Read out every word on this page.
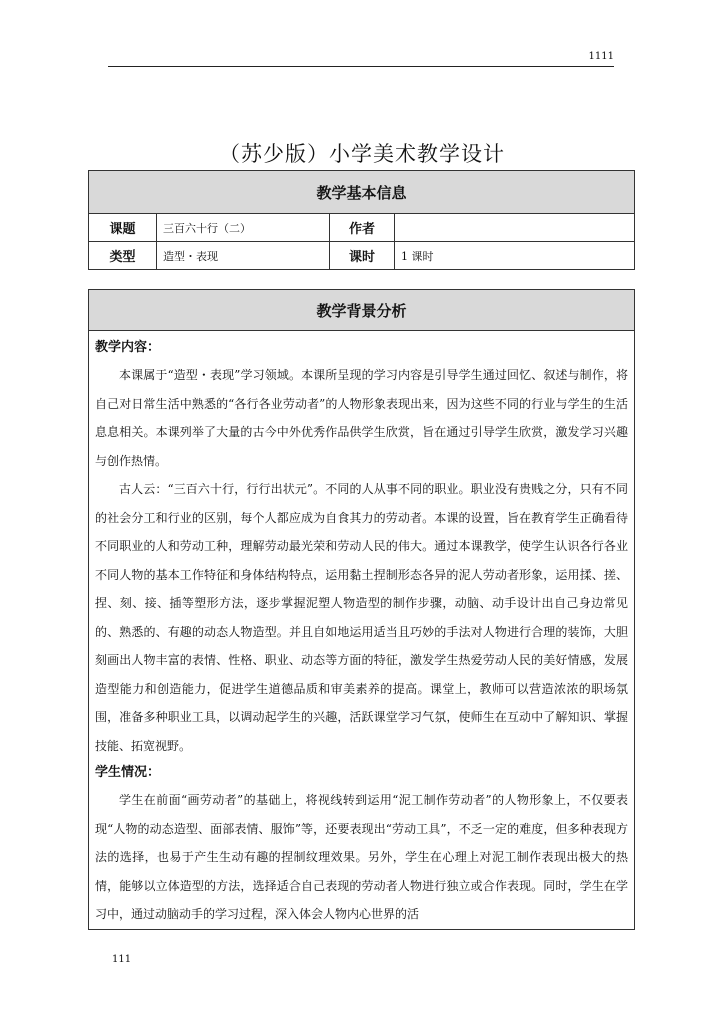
1111
（苏少版）小学美术教学设计
教学基本信息			
课题	三百六十行（二）	作者	
类型	造型・表现	课时	1 课时
教学背景分析

教学内容：

本课属于“造型・表现”学习领域。本课所呈现的学习内容是引导学生通过回忆、叙述与制作，将自己对日常生活中熟悉的“各行各业劳动者”的人物形象表现出来，因为这些不同的行业与学生的生活息息相关。本课列举了大量的古今中外优秀作品供学生欣赏，旨在通过引导学生欣赏，激发学习兴趣与创作热情。

古人云：“三百六十行，行行出状元”。不同的人从事不同的职业。职业没有贵贱之分，只有不同的社会分工和行业的区别，每个人都应成为自食其力的劳动者。本课的设置，旨在教育学生正确看待不同职业的人和劳动工种，理解劳动最光荣和劳动人民的伟大。通过本课教学，使学生认识各行各业不同人物的基本工作特征和身体结构特点，运用黏土捏制形态各异的泥人劳动者形象，运用揉、搓、捏、刻、接、插等塑形方法，逐步掌握泥塑人物造型的制作步骤，动脑、动手设计出自己身边常见的、熟悉的、有趣的动态人物造型。并且自如地运用适当且巧妙的手法对人物进行合理的装饰，大胆刻画出人物丰富的表情、性格、职业、动态等方面的特征，激发学生热爱劳动人民的美好情感，发展造型能力和创造能力，促进学生道德品质和审美素养的提高。课堂上，教师可以营造浓浓的职场氛围，准备多种职业工具，以调动起学生的兴趣，活跃课堂学习气氛，使师生在互动中了解知识、掌握技能、拓宽视野。

学生情况：

学生在前面“画劳动者”的基础上，将视线转到运用“泥工制作劳动者”的人物形象上，不仅要表现“人物的动态造型、面部表情、服饰”等，还要表现出“劳动工具”，不乏一定的难度，但多种表现方法的选择，也易于产生生动有趣的捏制纹理效果。另外，学生在心理上对泥工制作表现出极大的热情，能够以立体造型的方法，选择适合自己表现的劳动者人物进行独立或合作表现。同时，学生在学习中，通过动脑动手的学习过程，深入体会人物内心世界的活

111
